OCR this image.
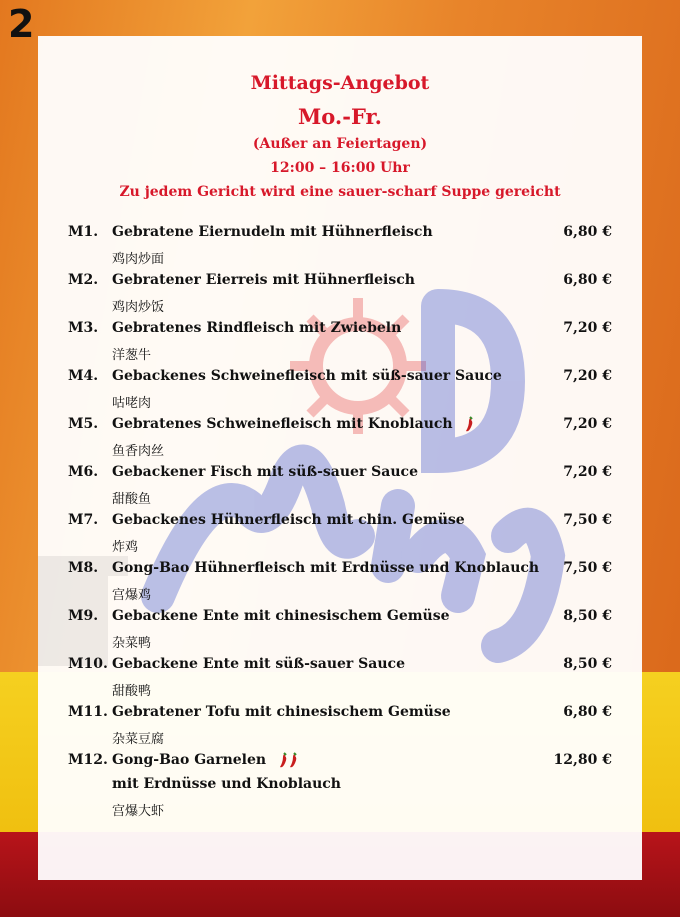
2
Mittags-Angebot
Mo.-Fr.
(Außer an Feiertagen)
12:00 – 16:00 Uhr
Zu jedem Gericht wird eine sauer-scharf Suppe gereicht
M1. Gebratene Eiernudeln mit Hühnerfleisch
鸡肉炒面
6,80 €
M2. Gebratener Eierreis mit Hühnerfleisch
鸡肉炒饭
6,80 €
M3. Gebratenes Rindfleisch mit Zwiebeln
洋葱牛
7,20 €
M4. Gebackenes Schweinefleisch mit süß-sauer Sauce
咕咾肉
7,20 €
M5. Gebratenes Schweinefleisch mit Knoblauch
鱼香肉丝
7,20 €
M6. Gebackener Fisch mit süß-sauer Sauce
甜酸鱼
7,20 €
M7. Gebackenes Hühnerfleisch mit chin. Gemüse
炸鸡
7,50 €
M8. Gong-Bao Hühnerfleisch mit Erdnüsse und Knoblauch
宫爆鸡
7,50 €
M9. Gebackene Ente mit chinesischem Gemüse
杂菜鸭
8,50 €
M10. Gebackene Ente mit süß-sauer Sauce
甜酸鸭
8,50 €
M11. Gebratener Tofu mit chinesischem Gemüse
杂菜豆腐
6,80 €
M12. Gong-Bao Garnelen
mit Erdnüsse und Knoblauch
宫爆大虾
12,80 €
